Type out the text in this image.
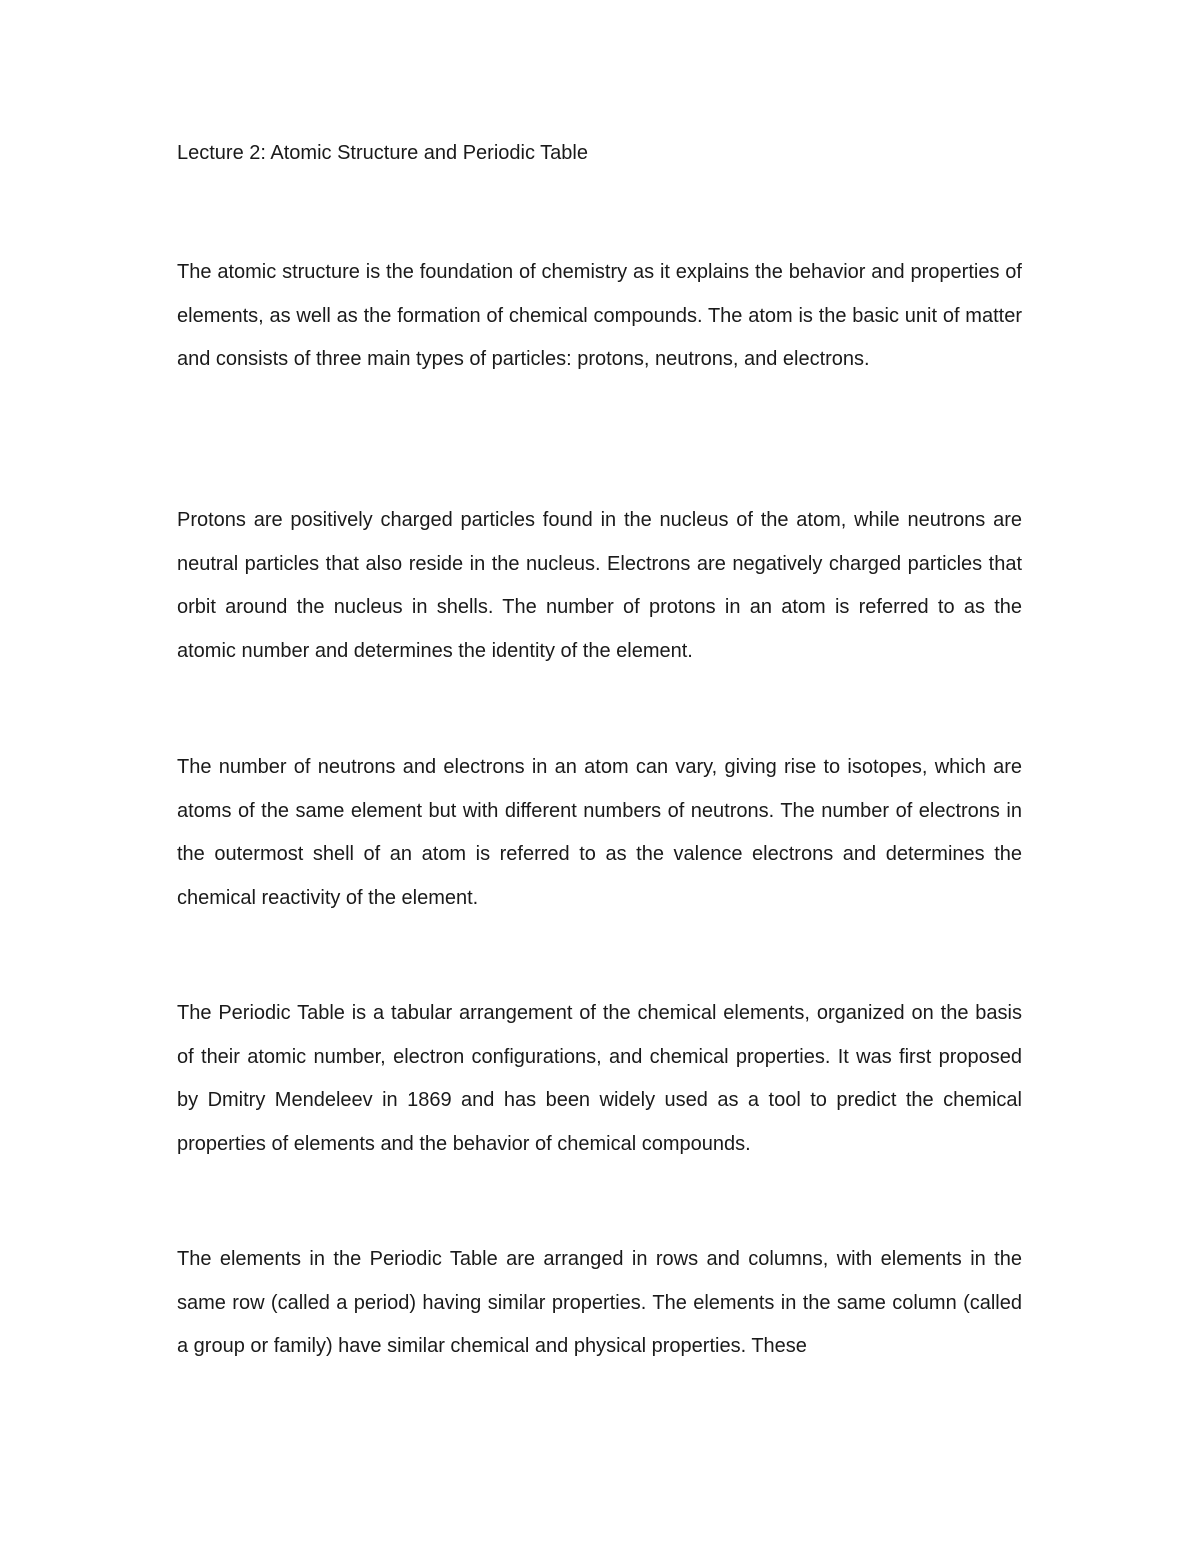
Lecture 2: Atomic Structure and Periodic Table

The atomic structure is the foundation of chemistry as it explains the behavior and properties of elements, as well as the formation of chemical compounds. The atom is the basic unit of matter and consists of three main types of particles: protons, neutrons, and electrons.

Protons are positively charged particles found in the nucleus of the atom, while neutrons are neutral particles that also reside in the nucleus. Electrons are negatively charged particles that orbit around the nucleus in shells. The number of protons in an atom is referred to as the atomic number and determines the identity of the element.

The number of neutrons and electrons in an atom can vary, giving rise to isotopes, which are atoms of the same element but with different numbers of neutrons. The number of electrons in the outermost shell of an atom is referred to as the valence electrons and determines the chemical reactivity of the element.

The Periodic Table is a tabular arrangement of the chemical elements, organized on the basis of their atomic number, electron configurations, and chemical properties. It was first proposed by Dmitry Mendeleev in 1869 and has been widely used as a tool to predict the chemical properties of elements and the behavior of chemical compounds.

The elements in the Periodic Table are arranged in rows and columns, with elements in the same row (called a period) having similar properties. The elements in the same column (called a group or family) have similar chemical and physical properties. These
